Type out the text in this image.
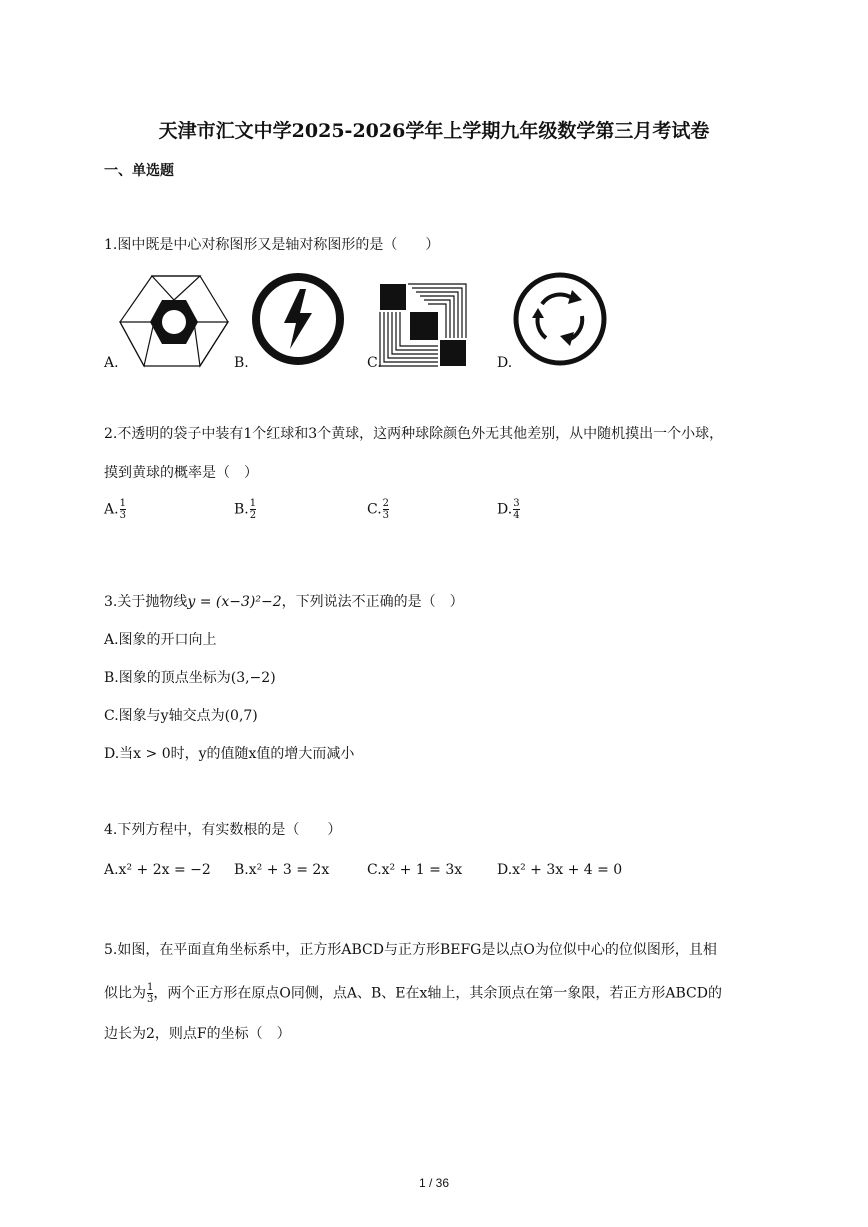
天津市汇文中学2025-2026学年上学期九年级数学第三月考试卷
一、单选题
1.图中既是中心对称图形又是轴对称图形的是（　　）
A.	B.	C.	D.
2.不透明的袋子中装有1个红球和3个黄球，这两种球除颜色外无其他差别，从中随机摸出一个小球，
摸到黄球的概率是（　）
A. $\frac{1}{3}$	B. $\frac{1}{2}$	C. $\frac{2}{3}$	D. $\frac{3}{4}$
3.关于抛物线y = (x−3)²−2，下列说法不正确的是（　）
A.图象的开口向上
B.图象的顶点坐标为(3,−2)
C.图象与y轴交点为(0,7)
D.当x > 0时，y的值随x值的增大而减小
4.下列方程中，有实数根的是（　　）
A.x² + 2x = −2 B.x² + 3 = 2x	C.x² + 1 = 3x D.x² + 3x + 4 = 0
5.如图，在平面直角坐标系中，正方形ABCD与正方形BEFG是以点O为位似中心的位似图形，且相
似比为 $\frac{1}{3}$ ，两个正方形在原点O同侧，点A、B、E在x轴上，其余顶点在第一象限，若正方形ABCD的
边长为2，则点F的坐标（　）
1 / 36
